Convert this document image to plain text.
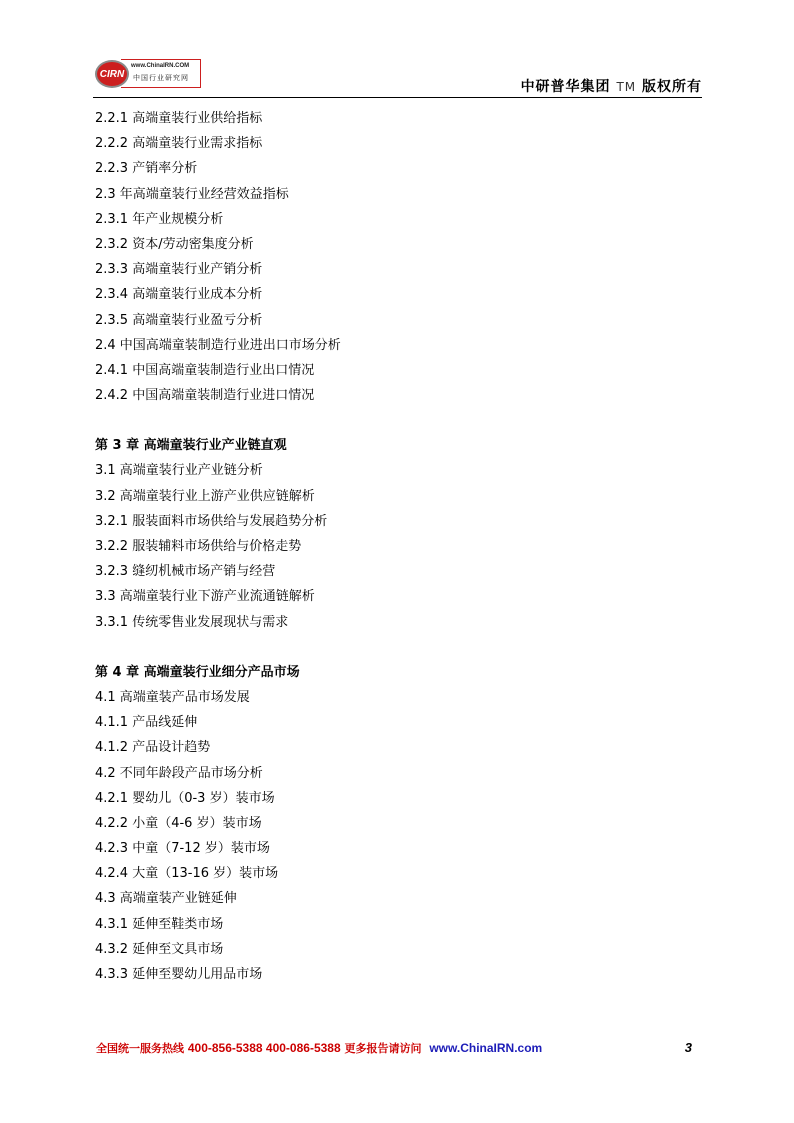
www.ChinaIRN.COM
中国行业研究网
CIRN
中研普华集团 TM 版权所有
2.2.1 高端童装行业供给指标
2.2.2 高端童装行业需求指标
2.2.3 产销率分析
2.3 年高端童装行业经营效益指标
2.3.1 年产业规模分析
2.3.2 资本/劳动密集度分析
2.3.3 高端童装行业产销分析
2.3.4 高端童装行业成本分析
2.3.5 高端童装行业盈亏分析
2.4 中国高端童装制造行业进出口市场分析
2.4.1 中国高端童装制造行业出口情况
2.4.2 中国高端童装制造行业进口情况
第 3 章 高端童装行业产业链直观
3.1 高端童装行业产业链分析
3.2 高端童装行业上游产业供应链解析
3.2.1 服装面料市场供给与发展趋势分析
3.2.2 服装辅料市场供给与价格走势
3.2.3 缝纫机械市场产销与经营
3.3 高端童装行业下游产业流通链解析
3.3.1 传统零售业发展现状与需求
第 4 章 高端童装行业细分产品市场
4.1 高端童装产品市场发展
4.1.1 产品线延伸
4.1.2 产品设计趋势
4.2 不同年龄段产品市场分析
4.2.1 婴幼儿（0-3 岁）装市场
4.2.2 小童（4-6 岁）装市场
4.2.3 中童（7-12 岁）装市场
4.2.4 大童（13-16 岁）装市场
4.3 高端童装产业链延伸
4.3.1 延伸至鞋类市场
4.3.2 延伸至文具市场
4.3.3 延伸至婴幼儿用品市场
全国统一服务热线 400-856-5388 400-086-5388 更多报告请访问 www.ChinaIRN.com	3
